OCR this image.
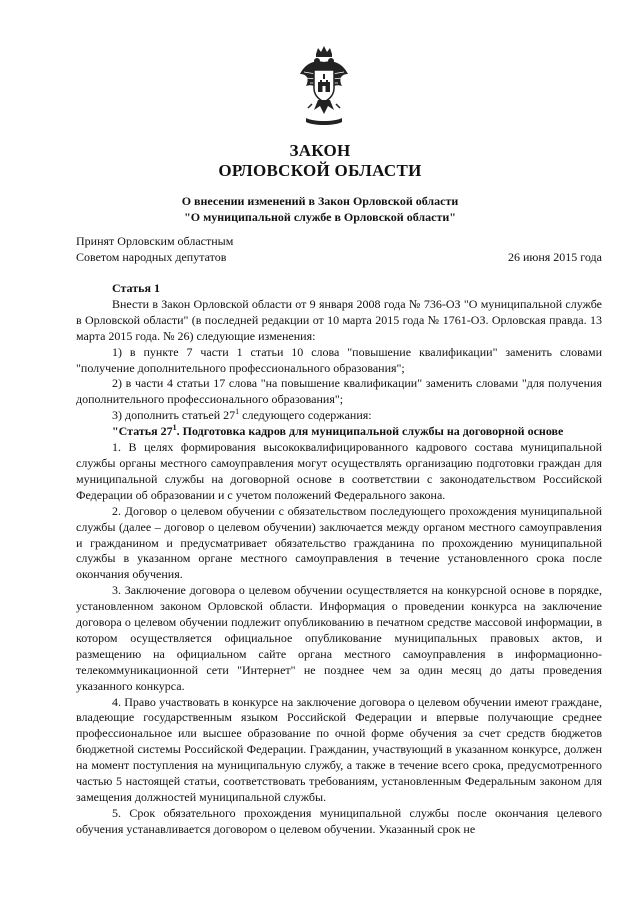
ЗАКОН
ОРЛОВСКОЙ ОБЛАСТИ
О внесении изменений в Закон Орловской области
"О муниципальной службе в Орловской области"
Принят Орловским областным
Советом народных депутатов	26 июня 2015 года

Статья 1

Внести в Закон Орловской области от 9 января 2008 года № 736-ОЗ "О муниципальной службе в Орловской области" (в последней редакции от 10 марта 2015 года № 1761-ОЗ. Орловская правда. 13 марта 2015 года. № 26) следующие изменения:

1) в пункте 7 части 1 статьи 10 слова "повышение квалификации" заменить словами "получение дополнительного профессионального образования";

2) в части 4 статьи 17 слова "на повышение квалификации" заменить словами "для получения дополнительного профессионального образования";

3) дополнить статьей $27^1$ следующего содержания:

"Статья $27^1$. Подготовка кадров для муниципальной службы на договорной основе

1. В целях формирования высококвалифицированного кадрового состава муниципальной службы органы местного самоуправления могут осуществлять организацию подготовки граждан для муниципальной службы на договорной основе в соответствии с законодательством Российской Федерации об образовании и с учетом положений Федерального закона.

2. Договор о целевом обучении с обязательством последующего прохождения муниципальной службы (далее – договор о целевом обучении) заключается между органом местного самоуправления и гражданином и предусматривает обязательство гражданина по прохождению муниципальной службы в указанном органе местного самоуправления в течение установленного срока после окончания обучения.

3. Заключение договора о целевом обучении осуществляется на конкурсной основе в порядке, установленном законом Орловской области. Информация о проведении конкурса на заключение договора о целевом обучении подлежит опубликованию в печатном средстве массовой информации, в котором осуществляется официальное опубликование муниципальных правовых актов, и размещению на официальном сайте органа местного самоуправления в информационно-телекоммуникационной сети "Интернет" не позднее чем за один месяц до даты проведения указанного конкурса.

4. Право участвовать в конкурсе на заключение договора о целевом обучении имеют граждане, владеющие государственным языком Российской Федерации и впервые получающие среднее профессиональное или высшее образование по очной форме обучения за счет средств бюджетов бюджетной системы Российской Федерации. Гражданин, участвующий в указанном конкурсе, должен на момент поступления на муниципальную службу, а также в течение всего срока, предусмотренного частью 5 настоящей статьи, соответствовать требованиям, установленным Федеральным законом для замещения должностей муниципальной службы.

5. Срок обязательного прохождения муниципальной службы после окончания целевого обучения устанавливается договором о целевом обучении. Указанный срок не
